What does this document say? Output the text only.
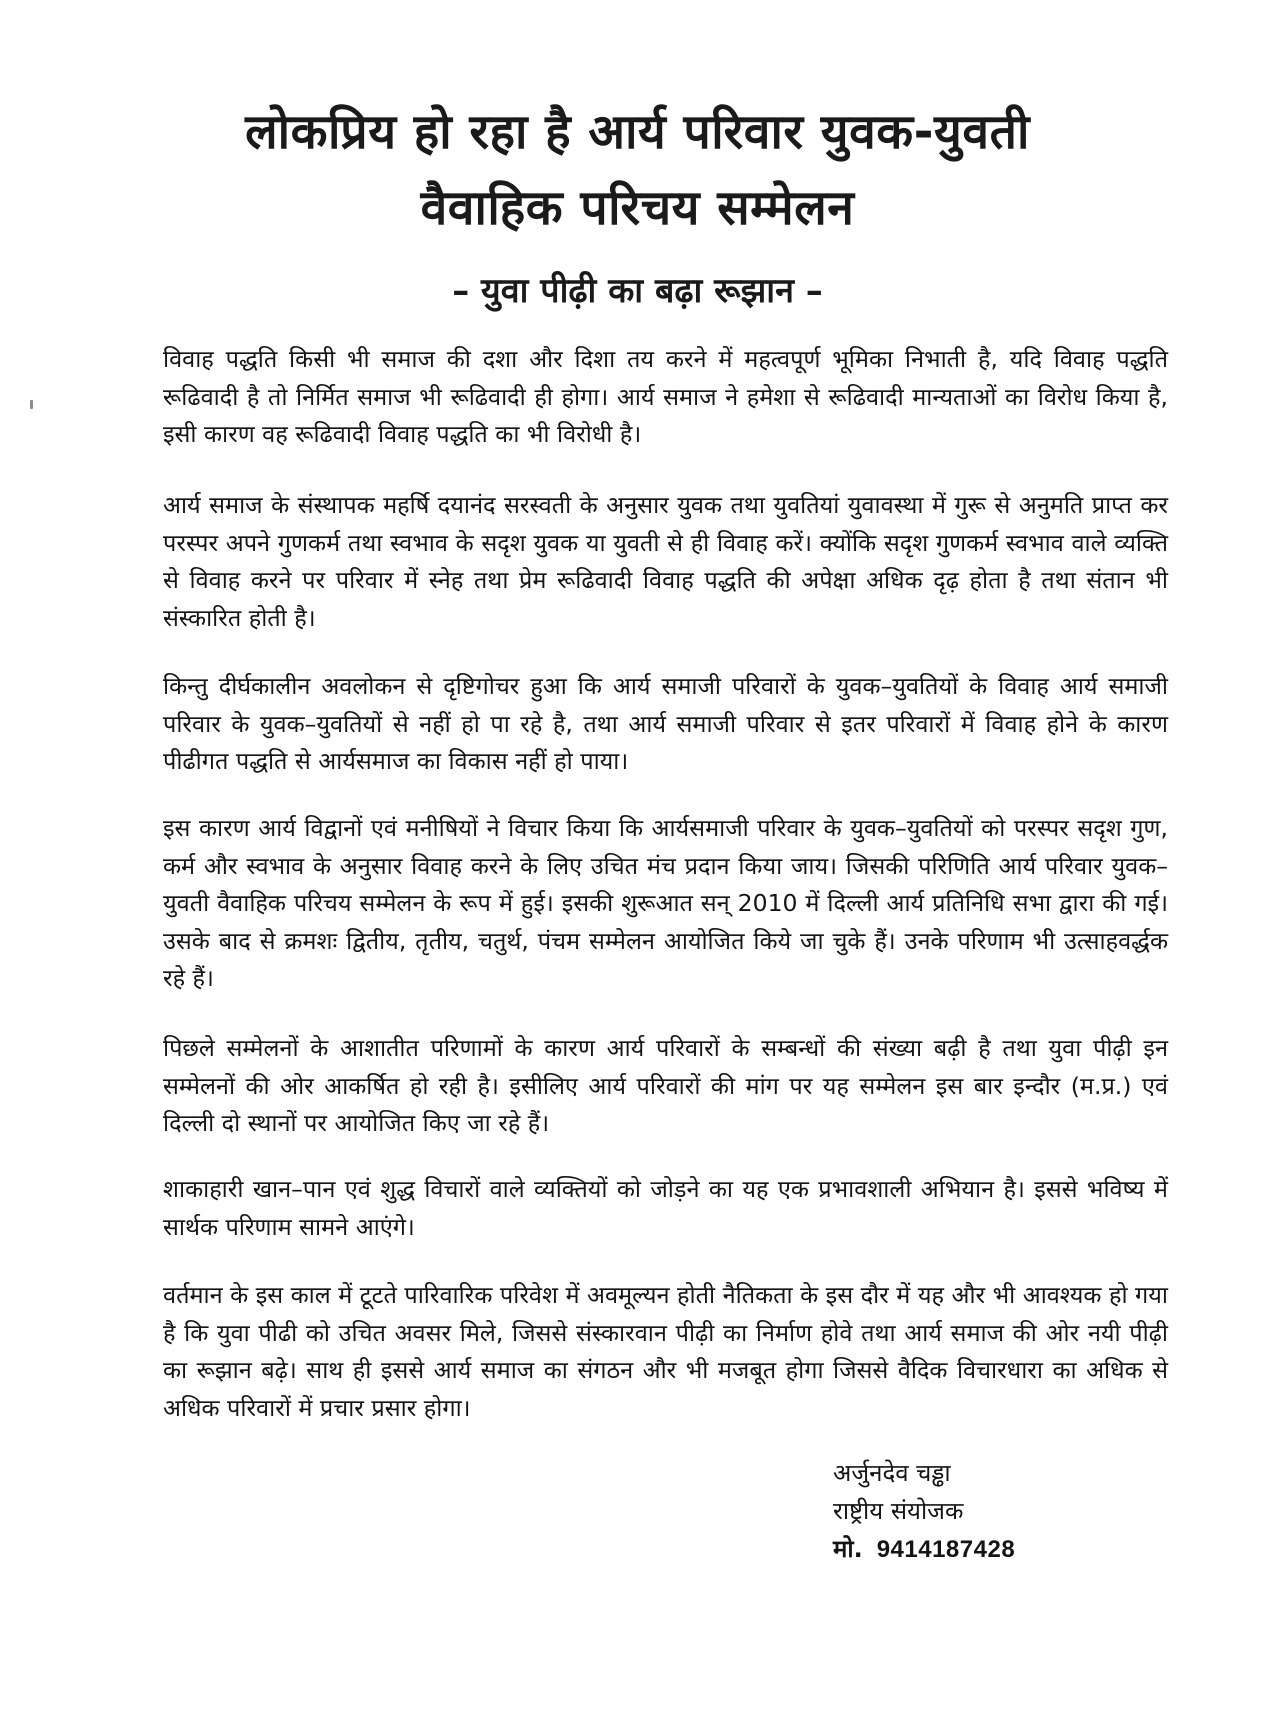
लोकप्रिय हो रहा है आर्य परिवार युवक-युवती
वैवाहिक परिचय सम्मेलन
– युवा पीढ़ी का बढ़ा रूझान –

विवाह पद्धति किसी भी समाज की दशा और दिशा तय करने में महत्वपूर्ण भूमिका निभाती है, यदि विवाह पद्धति रूढिवादी है तो निर्मित समाज भी रूढिवादी ही होगा। आर्य समाज ने हमेशा से रूढिवादी मान्यताओं का विरोध किया है, इसी कारण वह रूढिवादी विवाह पद्धति का भी विरोधी है।

आर्य समाज के संस्थापक महर्षि दयानंद सरस्वती के अनुसार युवक तथा युवतियां युवावस्था में गुरू से अनुमति प्राप्त कर परस्पर अपने गुणकर्म तथा स्वभाव के सदृश युवक या युवती से ही विवाह करें। क्योंकि सदृश गुणकर्म स्वभाव वाले व्यक्ति से विवाह करने पर परिवार में स्नेह तथा प्रेम रूढिवादी विवाह पद्धति की अपेक्षा अधिक दृढ़ होता है तथा संतान भी संस्कारित होती है।

किन्तु दीर्घकालीन अवलोकन से दृष्टिगोचर हुआ कि आर्य समाजी परिवारों के युवक–युवतियों के विवाह आर्य समाजी परिवार के युवक–युवतियों से नहीं हो पा रहे है, तथा आर्य समाजी परिवार से इतर परिवारों में विवाह होने के कारण पीढीगत पद्धति से आर्यसमाज का विकास नहीं हो पाया।

इस कारण आर्य विद्वानों एवं मनीषियों ने विचार किया कि आर्यसमाजी परिवार के युवक–युवतियों को परस्पर सदृश गुण, कर्म और स्वभाव के अनुसार विवाह करने के लिए उचित मंच प्रदान किया जाय। जिसकी परिणिति आर्य परिवार युवक–युवती वैवाहिक परिचय सम्मेलन के रूप में हुई। इसकी शुरूआत सन् 2010 में दिल्ली आर्य प्रतिनिधि सभा द्वारा की गई। उसके बाद से क्रमशः द्वितीय, तृतीय, चतुर्थ, पंचम सम्मेलन आयोजित किये जा चुके हैं। उनके परिणाम भी उत्साहवर्द्धक रहे हैं।

पिछले सम्मेलनों के आशातीत परिणामों के कारण आर्य परिवारों के सम्बन्धों की संख्या बढ़ी है तथा युवा पीढ़ी इन सम्मेलनों की ओर आकर्षित हो रही है। इसीलिए आर्य परिवारों की मांग पर यह सम्मेलन इस बार इन्दौर (म.प्र.) एवं दिल्ली दो स्थानों पर आयोजित किए जा रहे हैं।

शाकाहारी खान–पान एवं शुद्ध विचारों वाले व्यक्तियों को जोड़ने का यह एक प्रभावशाली अभियान है। इससे भविष्य में सार्थक परिणाम सामने आएंगे।

वर्तमान के इस काल में टूटते पारिवारिक परिवेश में अवमूल्यन होती नैतिकता के इस दौर में यह और भी आवश्यक हो गया है कि युवा पीढी को उचित अवसर मिले, जिससे संस्कारवान पीढ़ी का निर्माण होवे तथा आर्य समाज की ओर नयी पीढ़ी का रूझान बढ़े। साथ ही इससे आर्य समाज का संगठन और भी मजबूत होगा जिससे वैदिक विचारधारा का अधिक से अधिक परिवारों में प्रचार प्रसार होगा।

अर्जुनदेव चड्ढा
राष्ट्रीय संयोजक
मो. 9414187428
